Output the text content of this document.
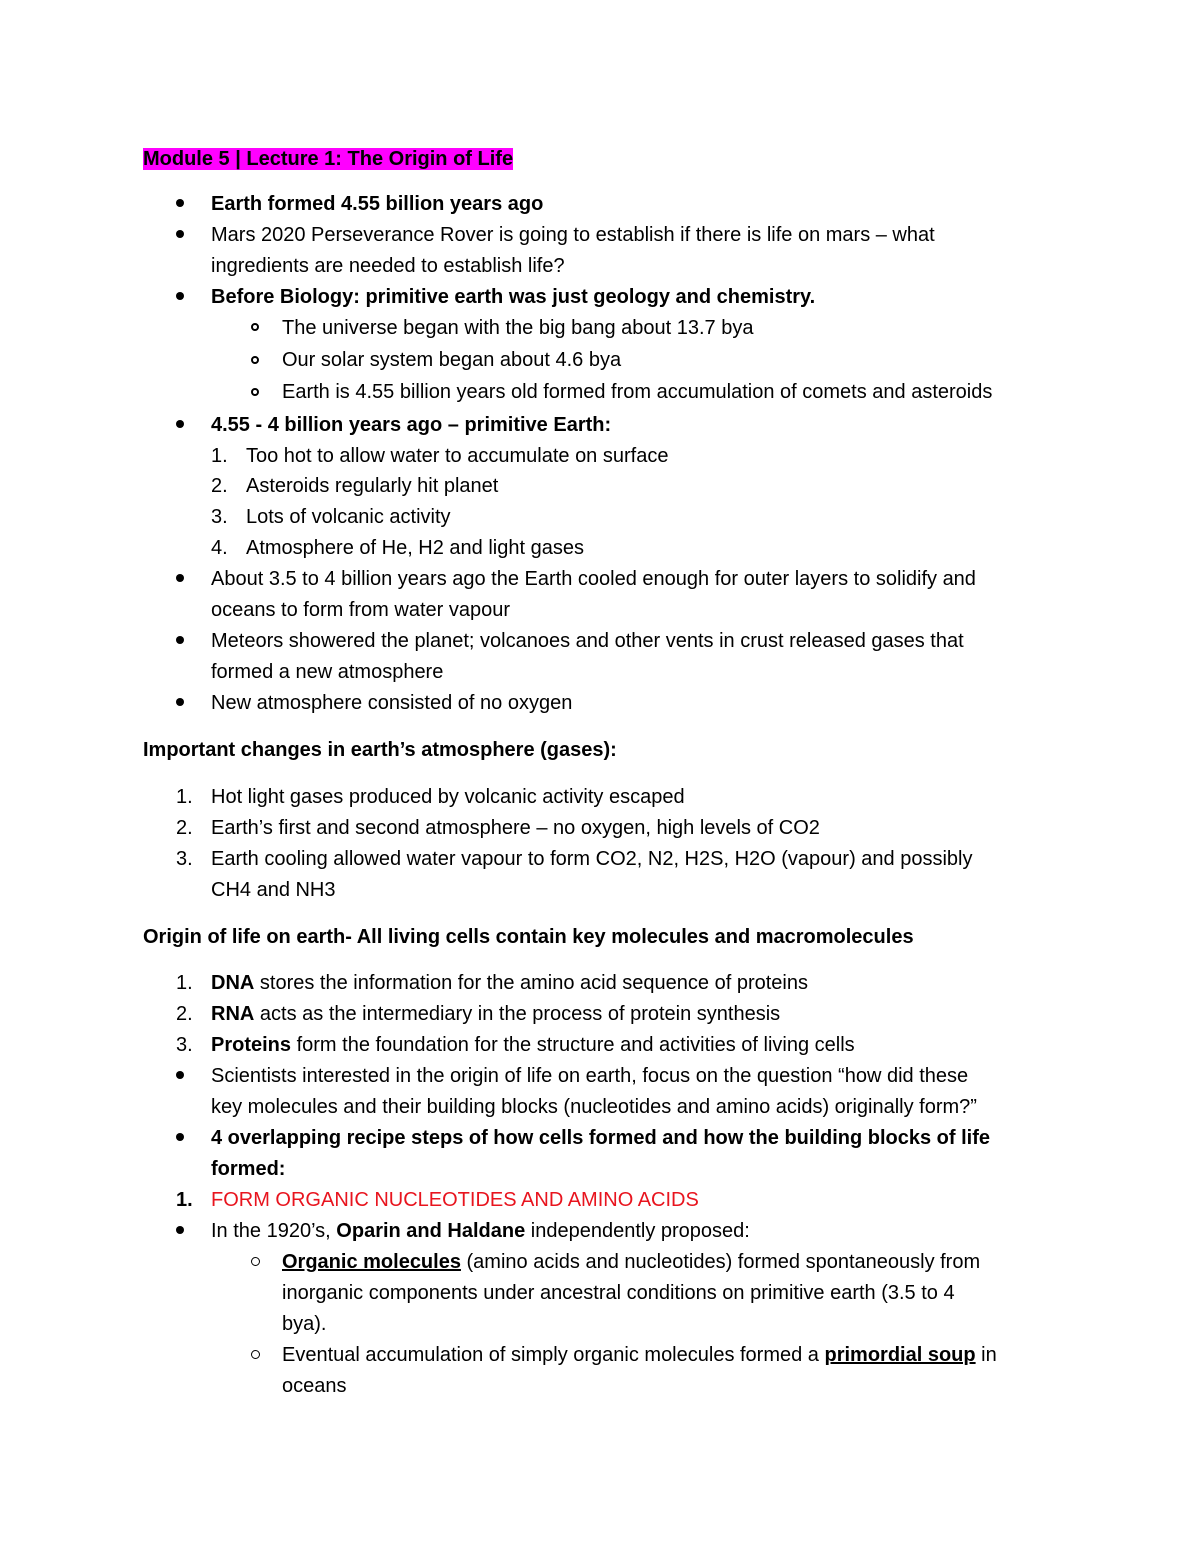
Module 5 | Lecture 1: The Origin of Life
Earth formed 4.55 billion years ago
Mars 2020 Perseverance Rover is going to establish if there is life on mars – what
ingredients are needed to establish life?
Before Biology: primitive earth was just geology and chemistry.
The universe began with the big bang about 13.7 bya
Our solar system began about 4.6 bya
Earth is 4.55 billion years old formed from accumulation of comets and asteroids
4.55 - 4 billion years ago – primitive Earth:
1. Too hot to allow water to accumulate on surface
2. Asteroids regularly hit planet
3. Lots of volcanic activity
4. Atmosphere of He, H2 and light gases
About 3.5 to 4 billion years ago the Earth cooled enough for outer layers to solidify and
oceans to form from water vapour
Meteors showered the planet; volcanoes and other vents in crust released gases that
formed a new atmosphere
New atmosphere consisted of no oxygen
Important changes in earth’s atmosphere (gases):
1. Hot light gases produced by volcanic activity escaped
2. Earth’s first and second atmosphere – no oxygen, high levels of CO2
3. Earth cooling allowed water vapour to form CO2, N2, H2S, H2O (vapour) and possibly
CH4 and NH3
Origin of life on earth- All living cells contain key molecules and macromolecules
1. DNA stores the information for the amino acid sequence of proteins
2. RNA acts as the intermediary in the process of protein synthesis
3. Proteins form the foundation for the structure and activities of living cells
Scientists interested in the origin of life on earth, focus on the question “how did these
key molecules and their building blocks (nucleotides and amino acids) originally form?”
4 overlapping recipe steps of how cells formed and how the building blocks of life
formed:
1. FORM ORGANIC NUCLEOTIDES AND AMINO ACIDS
In the 1920’s, Oparin and Haldane independently proposed:
Organic molecules (amino acids and nucleotides) formed spontaneously from
inorganic components under ancestral conditions on primitive earth (3.5 to 4
bya).
Eventual accumulation of simply organic molecules formed a primordial soup in
oceans
